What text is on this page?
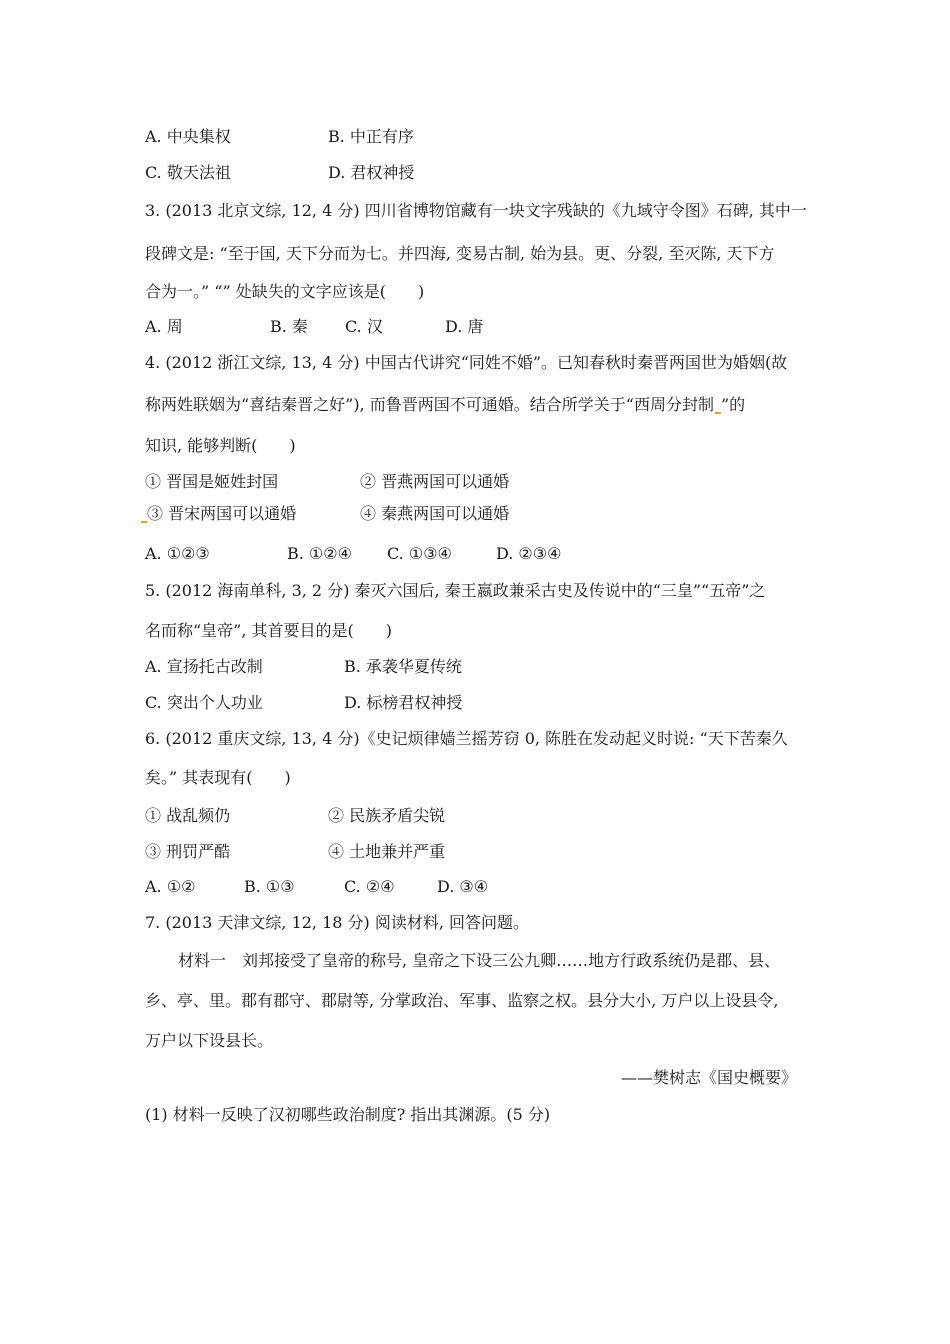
A. 中央集权	B. 中正有序
C. 敬天法祖	D. 君权神授
3. (2013 北京文综, 12, 4 分) 四川省博物馆藏有一块文字残缺的《九域守令图》石碑, 其中一
段碑文是: “至于国, 天下分而为七。并四海, 变易古制, 始为县。更、分裂, 至灭陈, 天下方
合为一。” “” 处缺失的文字应该是(　　)
A. 周	B. 秦 C. 汉	D. 唐
4. (2012 浙江文综, 13, 4 分) 中国古代讲究“同姓不婚”。已知春秋时秦晋两国世为婚姻(故
称两姓联姻为“喜结秦晋之好”), 而鲁晋两国不可通婚。结合所学关于“西周分封制 ”的
知识, 能够判断(　　)
① 晋国是姬姓封国	② 晋燕两国可以通婚
③ 晋宋两国可以通婚	④ 秦燕两国可以通婚
A. ①②③	B. ①②④ C. ①③④	D. ②③④
5. (2012 海南单科, 3, 2 分) 秦灭六国后, 秦王嬴政兼采古史及传说中的“三皇”“五帝”之
名而称“皇帝”, 其首要目的是(　　)
A. 宣扬托古改制	B. 承袭华夏传统
C. 突出个人功业	D. 标榜君权神授
6. (2012 重庆文综, 13, 4 分)《史记烦律嫱兰摇芳窃 0, 陈胜在发动起义时说: “天下苦秦久
矣。” 其表现有(　　)
① 战乱频仍	② 民族矛盾尖锐
③ 刑罚严酷	④ 土地兼并严重
A. ①②	B. ①③	C. ②④	D. ③④
7. (2013 天津文综, 12, 18 分) 阅读材料, 回答问题。
材料一　刘邦接受了皇帝的称号, 皇帝之下设三公九卿……地方行政系统仍是郡、县、
乡、亭、里。郡有郡守、郡尉等, 分掌政治、军事、监察之权。县分大小, 万户以上设县令,
万户以下设县长。
——樊树志《国史概要》
(1) 材料一反映了汉初哪些政治制度? 指出其渊源。(5 分)
